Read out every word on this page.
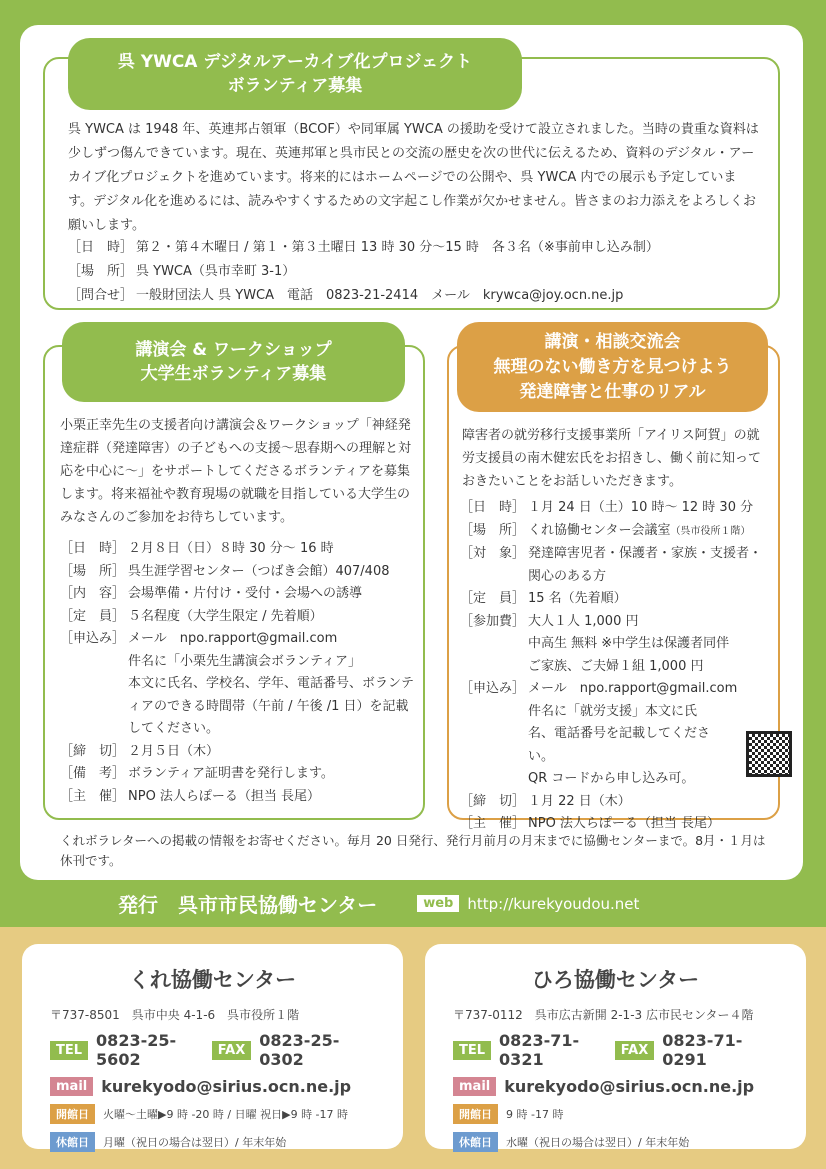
呉 YWCA デジタルアーカイブ化プロジェクト
ボランティア募集
呉 YWCA は 1948 年、英連邦占領軍（BCOF）や同軍属 YWCA の援助を受けて設立されました。当時の貴重な資料は少しずつ傷んできています。現在、英連邦軍と呉市民との交流の歴史を次の世代に伝えるため、資料のデジタル・アーカイブ化プロジェクトを進めています。将来的にはホームページでの公開や、呉 YWCA 内での展示も予定しています。デジタル化を進めるには、読みやすくするための文字起こし作業が欠かせません。皆さまのお力添えをよろしくお願いします。
［日　時］ 第２・第４木曜日 / 第１・第３土曜日 13 時 30 分〜15 時　各３名（※事前申し込み制）
［場　所］ 呉 YWCA（呉市幸町 3-1）
［問合せ］ 一般財団法人 呉 YWCA　電話　0823-21-2414　メール　krywca@joy.ocn.ne.jp
講演会 & ワークショップ
大学生ボランティア募集
小栗正幸先生の支援者向け講演会＆ワークショップ「神経発達症群（発達障害）の子どもへの支援〜思春期への理解と対応を中心に〜」をサポートしてくださるボランティアを募集します。将来福祉や教育現場の就職を目指している大学生のみなさんのご参加をお待ちしています。
［日　時］ ２月８日（日）８時 30 分〜 16 時
［場　所］ 呉生涯学習センター（つばき会館）407/408
［内　容］ 会場準備・片付け・受付・会場への誘導
［定　員］ ５名程度（大学生限定 / 先着順）
［申込み］ メール　npo.rapport@gmail.com
件名に「小栗先生講演会ボランティア」
本文に氏名、学校名、学年、電話番号、ボランティアのできる時間帯（午前 / 午後 /1 日）を記載してください。
［締　切］ ２月５日（木）
［備　考］ ボランティア証明書を発行します。
［主　催］ NPO 法人らぽーる（担当 長尾）
講演・相談交流会
無理のない働き方を見つけよう
発達障害と仕事のリアル
障害者の就労移行支援事業所「アイリス阿賀」の就労支援員の南木健宏氏をお招きし、働く前に知っておきたいことをお話しいただきます。
［日　時］ １月 24 日（土）10 時〜 12 時 30 分
［場　所］ くれ協働センター会議室（呉市役所１階）
［対　象］ 発達障害児者・保護者・家族・支援者・関心のある方
［定　員］ 15 名（先着順）
［参加費］ 大人１人 1,000 円
中高生 無料 ※中学生は保護者同伴
ご家族、ご夫婦１組 1,000 円
［申込み］ メール　npo.rapport@gmail.com
件名に「就労支援」本文に氏名、電話番号を記載してください。
QR コードから申し込み可。
［締　切］ １月 22 日（木）
［主　催］ NPO 法人らぽーる（担当 長尾）
くれボラレターへの掲載の情報をお寄せください。毎月 20 日発行、発行月前月の月末までに協働センターまで。8月・１月は休刊です。
発行　呉市市民協働センター	web http://kurekyoudou.net
くれ協働センター
〒737-8501　呉市中央 4-1-6　呉市役所１階
TEL 0823-25-5602	FAX 0823-25-0302
mail kurekyodo@sirius.ocn.ne.jp
開館日	火曜〜土曜▶9 時 -20 時 / 日曜 祝日▶9 時 -17 時
休館日	月曜（祝日の場合は翌日）/ 年末年始
ひろ協働センター
〒737-0112　呉市広古新開 2-1-3 広市民センター４階
TEL 0823-71-0321	FAX 0823-71-0291
mail kurekyodo@sirius.ocn.ne.jp
開館日	9 時 -17 時
休館日	水曜（祝日の場合は翌日）/ 年末年始
